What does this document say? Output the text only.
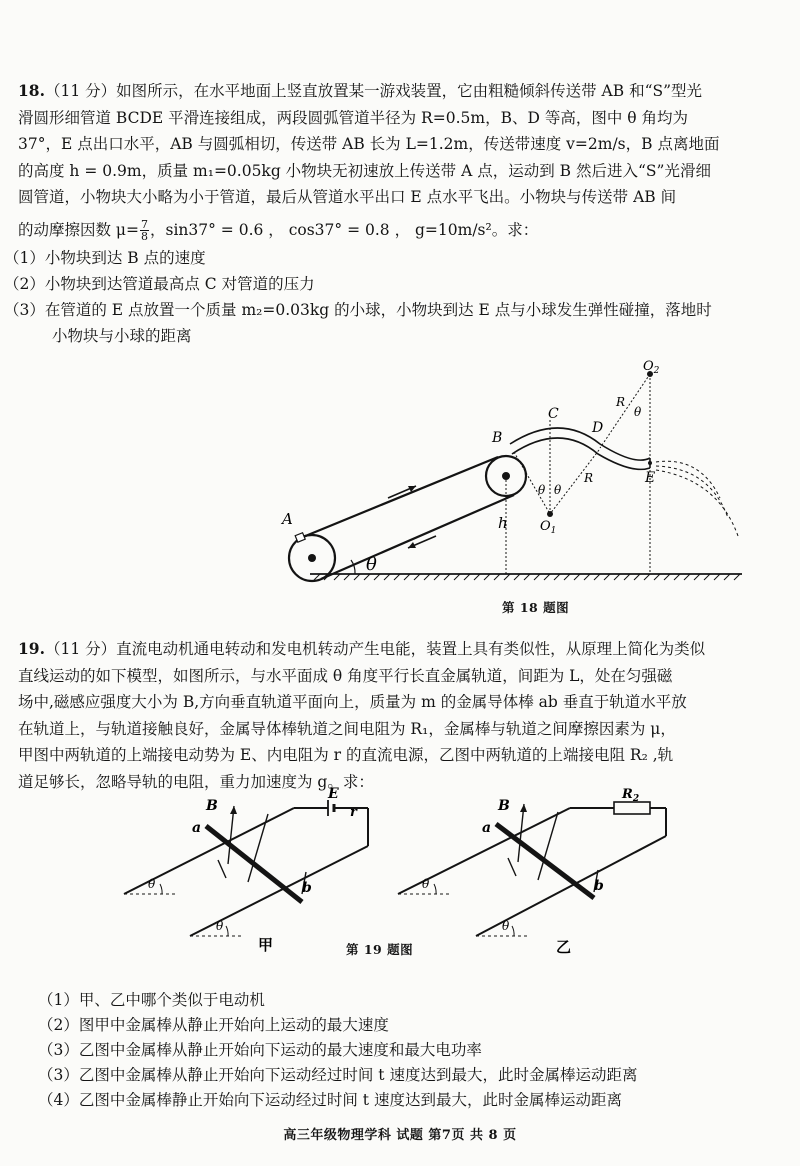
18.（11 分）如图所示，在水平地面上竖直放置某一游戏装置，它由粗糙倾斜传送带 AB 和“S”型光

滑圆形细管道 BCDE 平滑连接组成，两段圆弧管道半径为 R=0.5m，B、D 等高，图中 θ 角均为

37°，E 点出口水平，AB 与圆弧相切，传送带 AB 长为 L=1.2m，传送带速度 v=2m/s，B 点离地面

的高度 h = 0.9m，质量 m₁=0.05kg 小物块无初速放上传送带 A 点，运动到 B 然后进入“S”光滑细

圆管道，小物块大小略为小于管道，最后从管道水平出口 E 点水平飞出。小物块与传送带 AB 间

的动摩擦因数 $\mu= \frac{7}{8}$ ，sin37° = 0.6 ， cos37° = 0.8 ， g=10m/s²。求：

（1）小物块到达 B 点的速度

（2）小物块到达管道最高点 C 对管道的压力

（3）在管道的 E 点放置一个质量 m₂=0.03kg 的小球，小物块到达 E 点与小球发生弹性碰撞，落地时

小物块与小球的距离

A
B
C
D
E
h
θ
θ θ
θ
$O_1$
$O_2$
R
R
第 18 题图

19.（11 分）直流电动机通电转动和发电机转动产生电能，装置上具有类似性，从原理上简化为类似

直线运动的如下模型，如图所示，与水平面成 θ 角度平行长直金属轨道，间距为 L，处在匀强磁

场中,磁感应强度大小为 B,方向垂直轨道平面向上，质量为 m 的金属导体棒 ab 垂直于轨道水平放

在轨道上，与轨道接触良好，金属导体棒轨道之间电阻为 R₁，金属棒与轨道之间摩擦因素为 μ，

甲图中两轨道的上端接电动势为 E、内电阻为 r 的直流电源，乙图中两轨道的上端接电阻 R₂ ,轨

道足够长，忽略导轨的电阻，重力加速度为 g。求：

B
a
b
E
r
θ
θ
甲
B
a
b
$R_2$
θ
θ
乙
第 19 题图

（1）甲、乙中哪个类似于电动机

（2）图甲中金属棒从静止开始向上运动的最大速度

（3）乙图中金属棒从静止开始向下运动的最大速度和最大电功率

（3）乙图中金属棒从静止开始向下运动经过时间 t 速度达到最大，此时金属棒运动距离

（4）乙图中金属棒静止开始向下运动经过时间 t 速度达到最大，此时金属棒运动距离

高三年级物理学科 试题 第7页 共 8 页
